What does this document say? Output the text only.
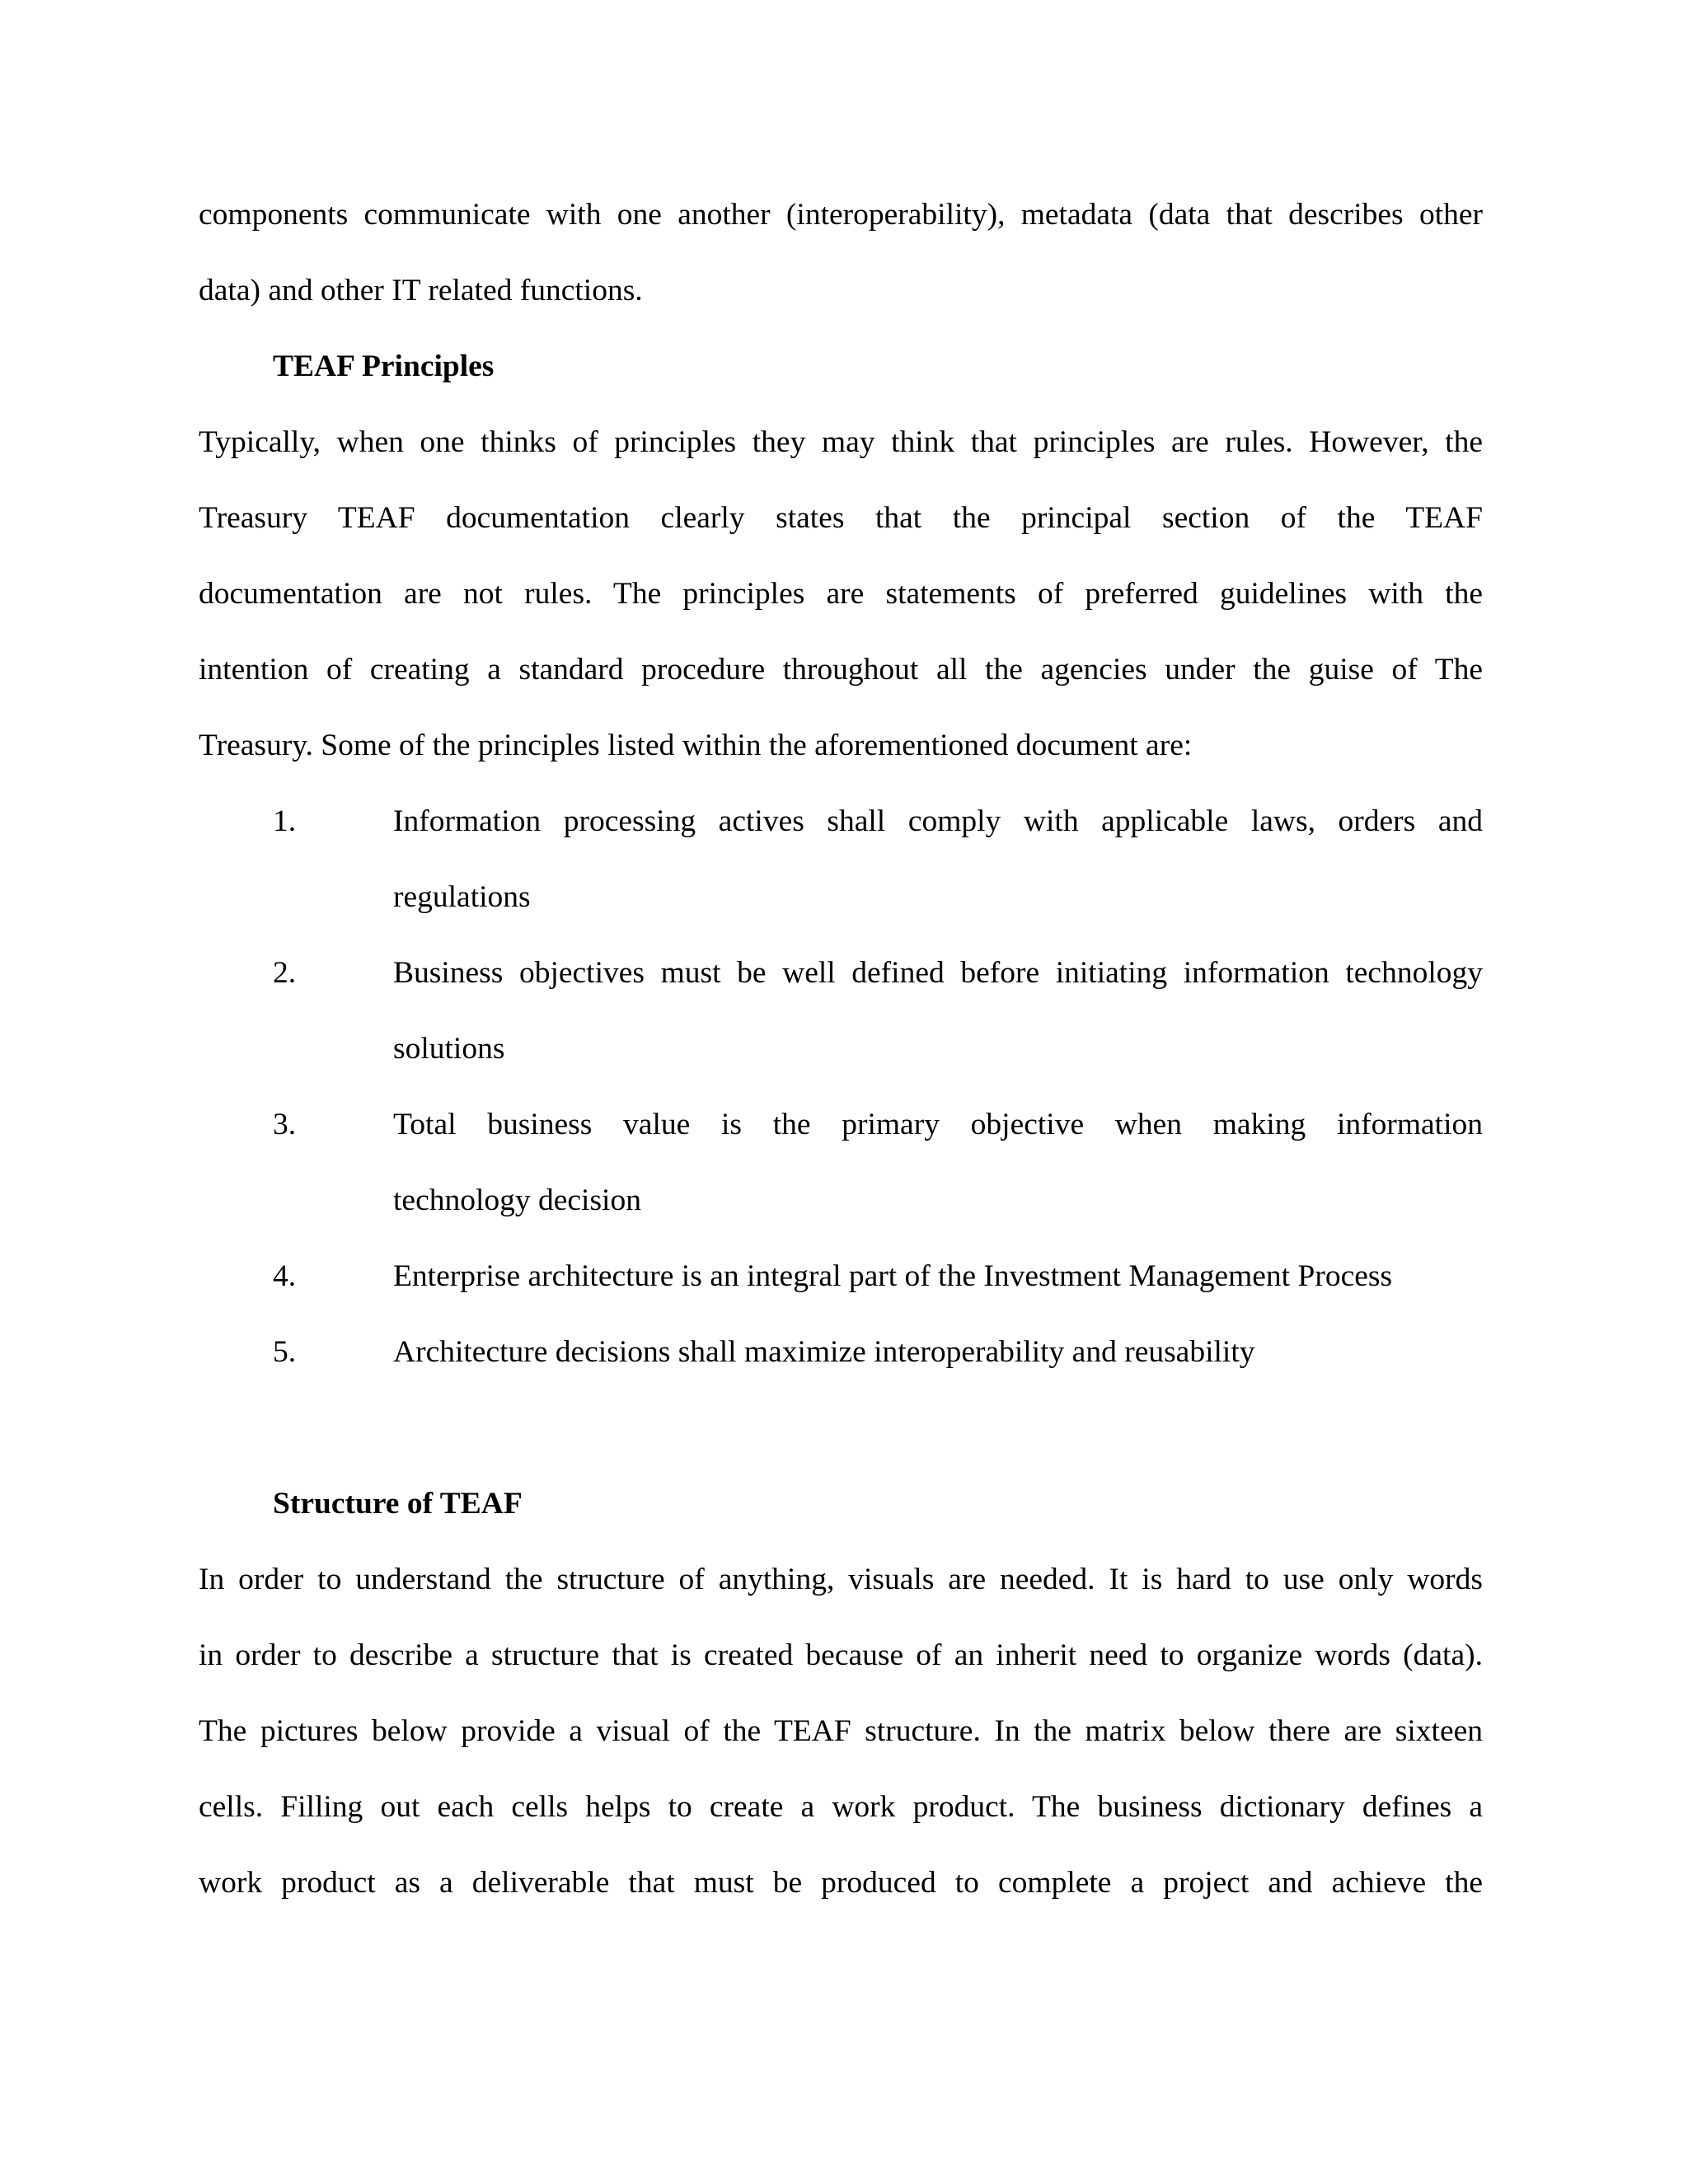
components communicate with one another (interoperability), metadata (data that describes other
data) and other IT related functions.
TEAF Principles
Typically, when one thinks of principles they may think that principles are rules. However, the
Treasury TEAF documentation clearly states that the principal section of the TEAF
documentation are not rules. The principles are statements of preferred guidelines with the
intention of creating a standard procedure throughout all the agencies under the guise of The
Treasury. Some of the principles listed within the aforementioned document are:
1.	Information processing actives shall comply with applicable laws, orders and
regulations
2.	Business objectives must be well defined before initiating information technology
solutions
3.	Total business value is the primary objective when making information
technology decision
4.	Enterprise architecture is an integral part of the Investment Management Process
5.	Architecture decisions shall maximize interoperability and reusability
Structure of TEAF
In order to understand the structure of anything, visuals are needed. It is hard to use only words
in order to describe a structure that is created because of an inherit need to organize words (data).
The pictures below provide a visual of the TEAF structure. In the matrix below there are sixteen
cells. Filling out each cells helps to create a work product. The business dictionary defines a
work product as a deliverable that must be produced to complete a project and achieve the
